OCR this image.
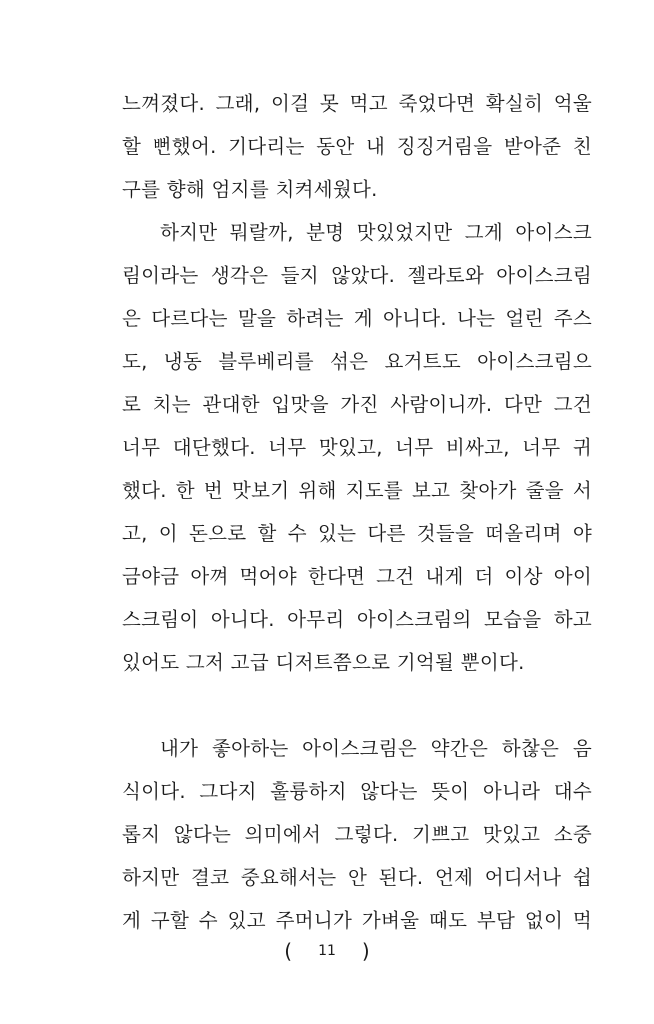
느껴졌다. 그래, 이걸 못 먹고 죽었다면 확실히 억울
할 뻔했어. 기다리는 동안 내 징징거림을 받아준 친
구를 향해 엄지를 치켜세웠다.
하지만 뭐랄까, 분명 맛있었지만 그게 아이스크
림이라는 생각은 들지 않았다. 젤라토와 아이스크림
은 다르다는 말을 하려는 게 아니다. 나는 얼린 주스
도, 냉동 블루베리를 섞은 요거트도 아이스크림으
로 치는 관대한 입맛을 가진 사람이니까. 다만 그건
너무 대단했다. 너무 맛있고, 너무 비싸고, 너무 귀
했다. 한 번 맛보기 위해 지도를 보고 찾아가 줄을 서
고, 이 돈으로 할 수 있는 다른 것들을 떠올리며 야
금야금 아껴 먹어야 한다면 그건 내게 더 이상 아이
스크림이 아니다. 아무리 아이스크림의 모습을 하고
있어도 그저 고급 디저트쯤으로 기억될 뿐이다.
내가 좋아하는 아이스크림은 약간은 하찮은 음
식이다. 그다지 훌륭하지 않다는 뜻이 아니라 대수
롭지 않다는 의미에서 그렇다. 기쁘고 맛있고 소중
하지만 결코 중요해서는 안 된다. 언제 어디서나 쉽
게 구할 수 있고 주머니가 가벼울 때도 부담 없이 먹
( 11 )
